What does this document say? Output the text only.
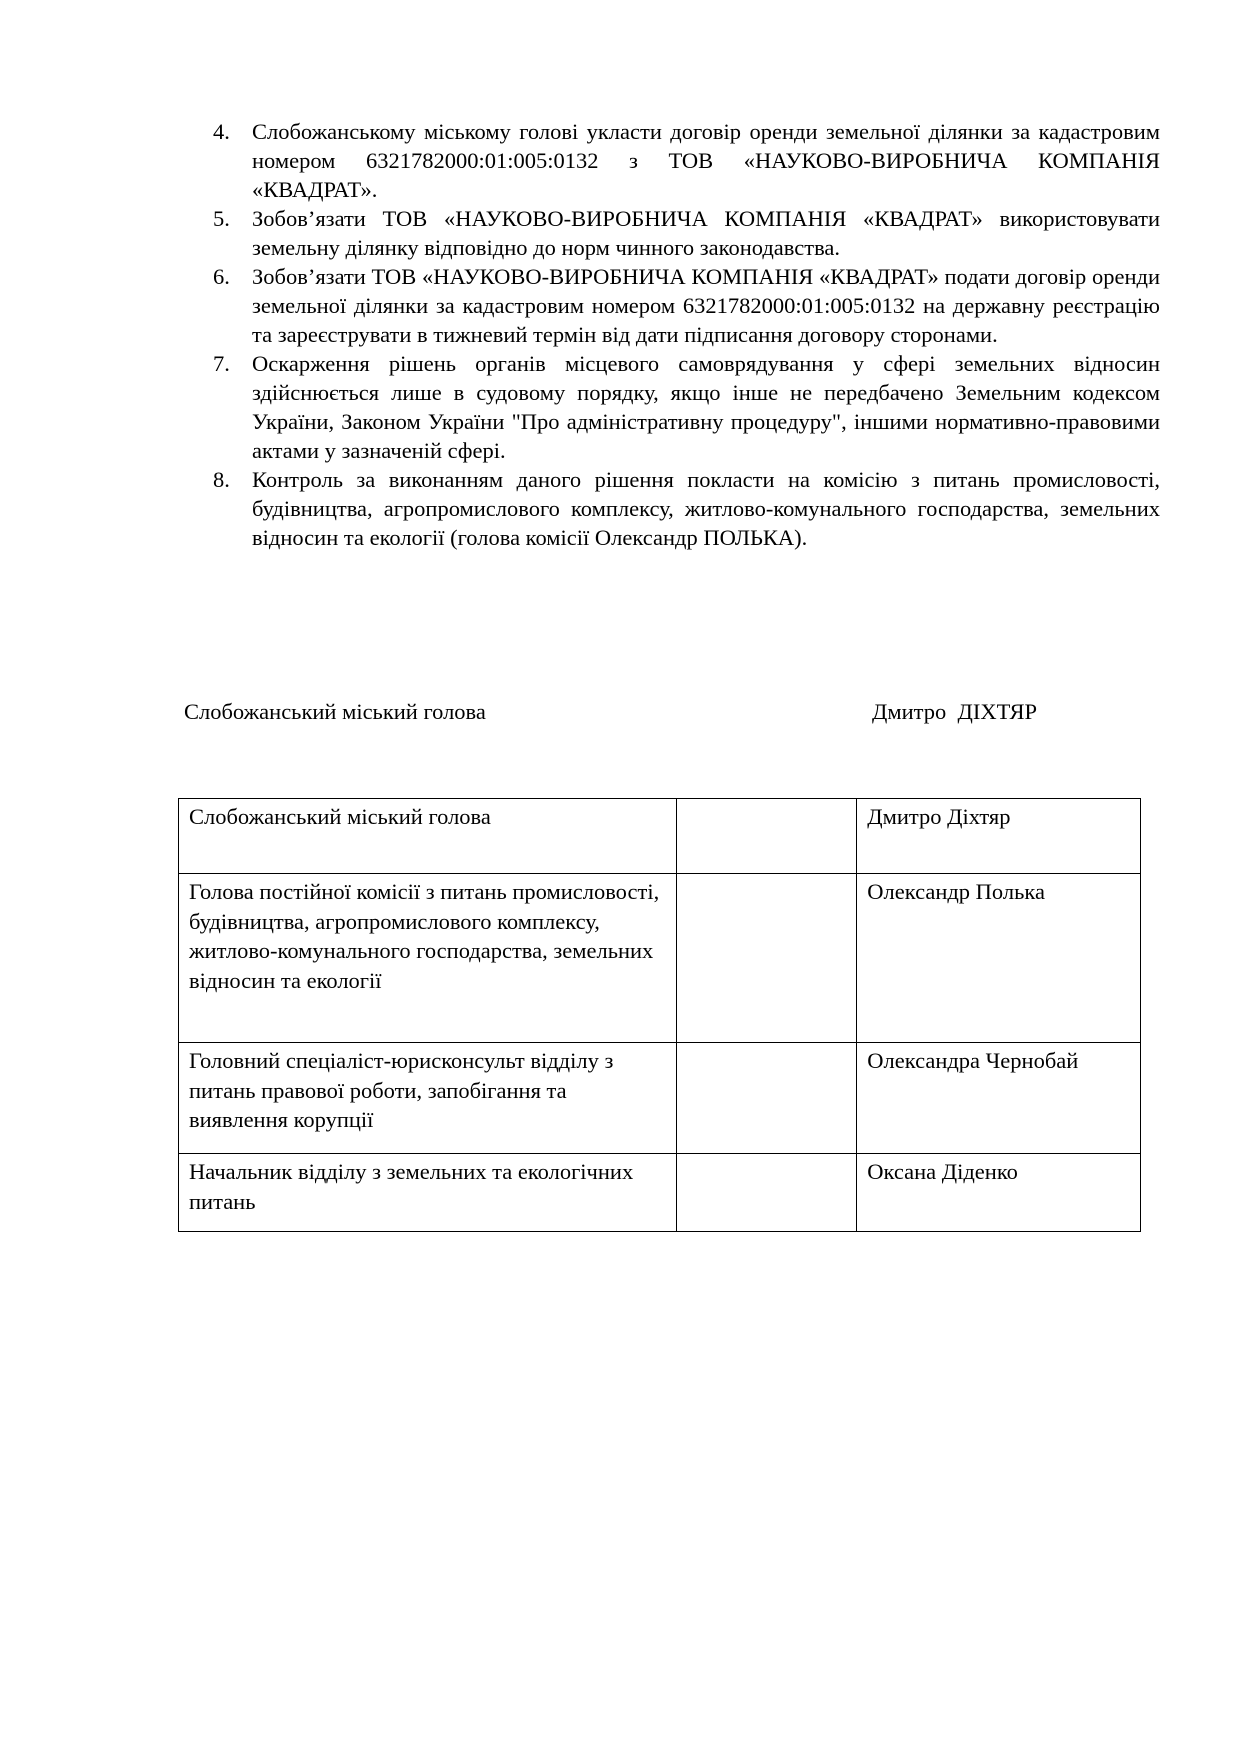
4. Слобожанському міському голові укласти договір оренди земельної ділянки за кадастровим номером 6321782000:01:005:0132 з ТОВ «НАУКОВО-ВИРОБНИЧА КОМПАНІЯ «КВАДРАТ».
5. Зобов’язати ТОВ «НАУКОВО-ВИРОБНИЧА КОМПАНІЯ «КВАДРАТ» використовувати земельну ділянку відповідно до норм чинного законодавства.
6. Зобов’язати ТОВ «НАУКОВО-ВИРОБНИЧА КОМПАНІЯ «КВАДРАТ» подати договір оренди земельної ділянки за кадастровим номером 6321782000:01:005:0132 на державну реєстрацію та зареєструвати в тижневий термін від дати підписання договору сторонами.
7. Оскарження рішень органів місцевого самоврядування у сфері земельних відносин здійснюється лише в судовому порядку, якщо інше не передбачено Земельним кодексом України, Законом України "Про адміністративну процедуру", іншими нормативно-правовими актами у зазначеній сфері.
8. Контроль за виконанням даного рішення покласти на комісію з питань промисловості, будівництва, агропромислового комплексу, житлово-комунального господарства, земельних відносин та екології (голова комісії Олександр ПОЛЬКА).
Слобожанський міський голова	Дмитро  ДІХТЯР
Слобожанський міський голова		Дмитро Діхтяр
Голова постійної комісії з питань промисловості, будівництва, агропромислового комплексу, житлово-комунального господарства, земельних відносин та екології		Олександр Полька
Головний спеціаліст-юрисконсульт відділу з питань правової роботи, запобігання та виявлення корупції		Олександра Чернобай
Начальник відділу з земельних та екологічних питань		Оксана Діденко
